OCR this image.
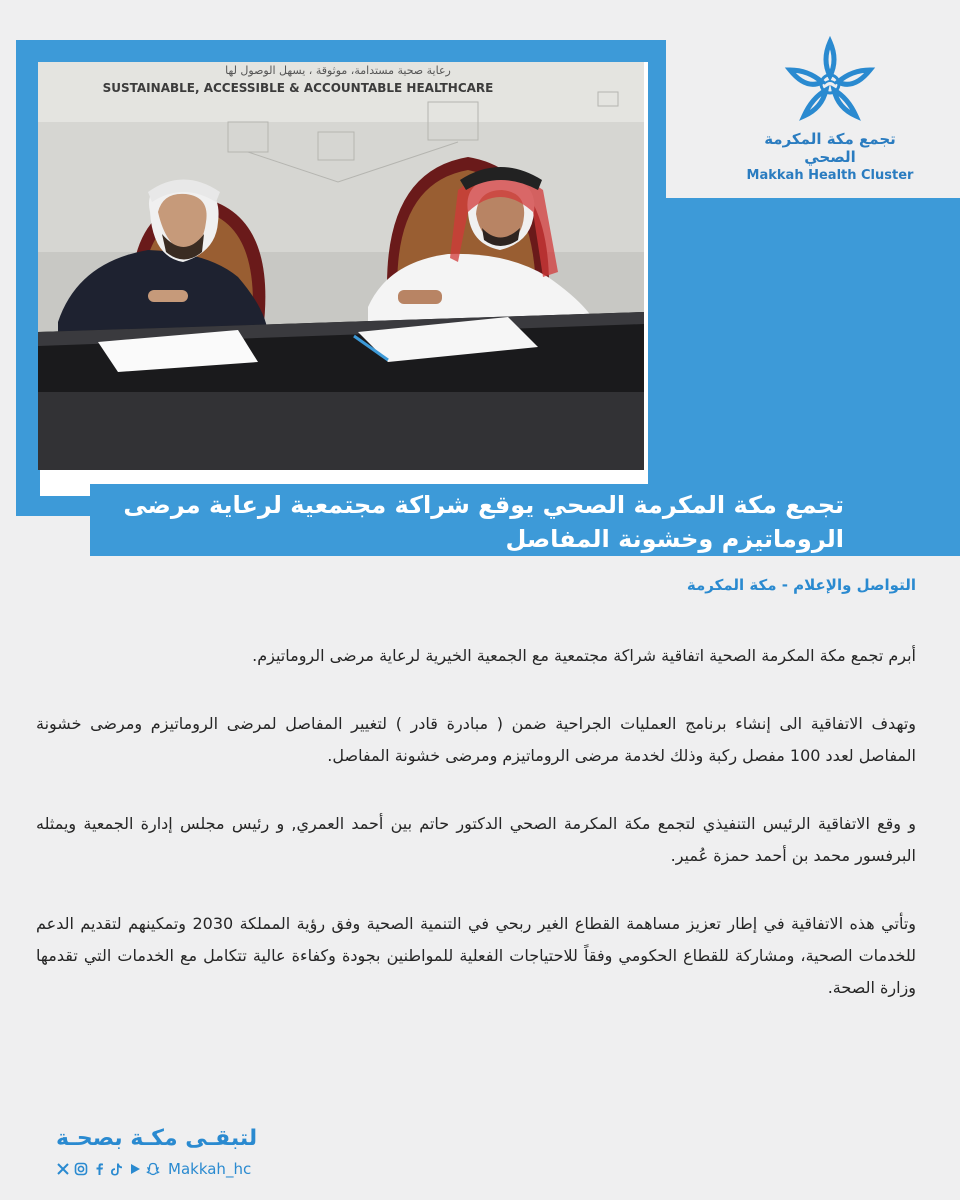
رعاية صحية مستدامة، موثوقة ، يسهل الوصول لها
SUSTAINABLE, ACCESSIBLE & ACCOUNTABLE HEALTHCARE
تجمع مكة المكرمة الصحي
Makkah Health Cluster
تجمع مكة المكرمة الصحي يوقع شراكة مجتمعية لرعاية مرضى الروماتيزم وخشونة المفاصل
التواصل والإعلام - مكة المكرمة

أبرم تجمع مكة المكرمة الصحية اتفاقية شراكة مجتمعية مع الجمعية الخيرية لرعاية مرضى الروماتيزم.

وتهدف الاتفاقية الى إنشاء برنامج العمليات الجراحية ضمن ( مبادرة قادر ) لتغيير المفاصل لمرضى الروماتيزم ومرضى خشونة المفاصل لعدد 100 مفصل ركبة وذلك لخدمة مرضى الروماتيزم ومرضى خشونة المفاصل.

و وقع الاتفاقية الرئيس التنفيذي لتجمع مكة المكرمة الصحي الدكتور حاتم بين أحمد العمري, و رئيس مجلس إدارة الجمعية ويمثله البرفسور محمد بن أحمد حمزة عُمير.

وتأتي هذه الاتفاقية في إطار تعزيز مساهمة القطاع الغير ربحي في التنمية الصحية وفق رؤية المملكة 2030 وتمكينهم لتقديم الدعم للخدمات الصحية، ومشاركة للقطاع الحكومي وفقاً للاحتياجات الفعلية للمواطنين بجودة وكفاءة عالية تتكامل مع الخدمات التي تقدمها وزارة الصحة.

لتبقـى مكـة بصحـة
Makkah_hc
